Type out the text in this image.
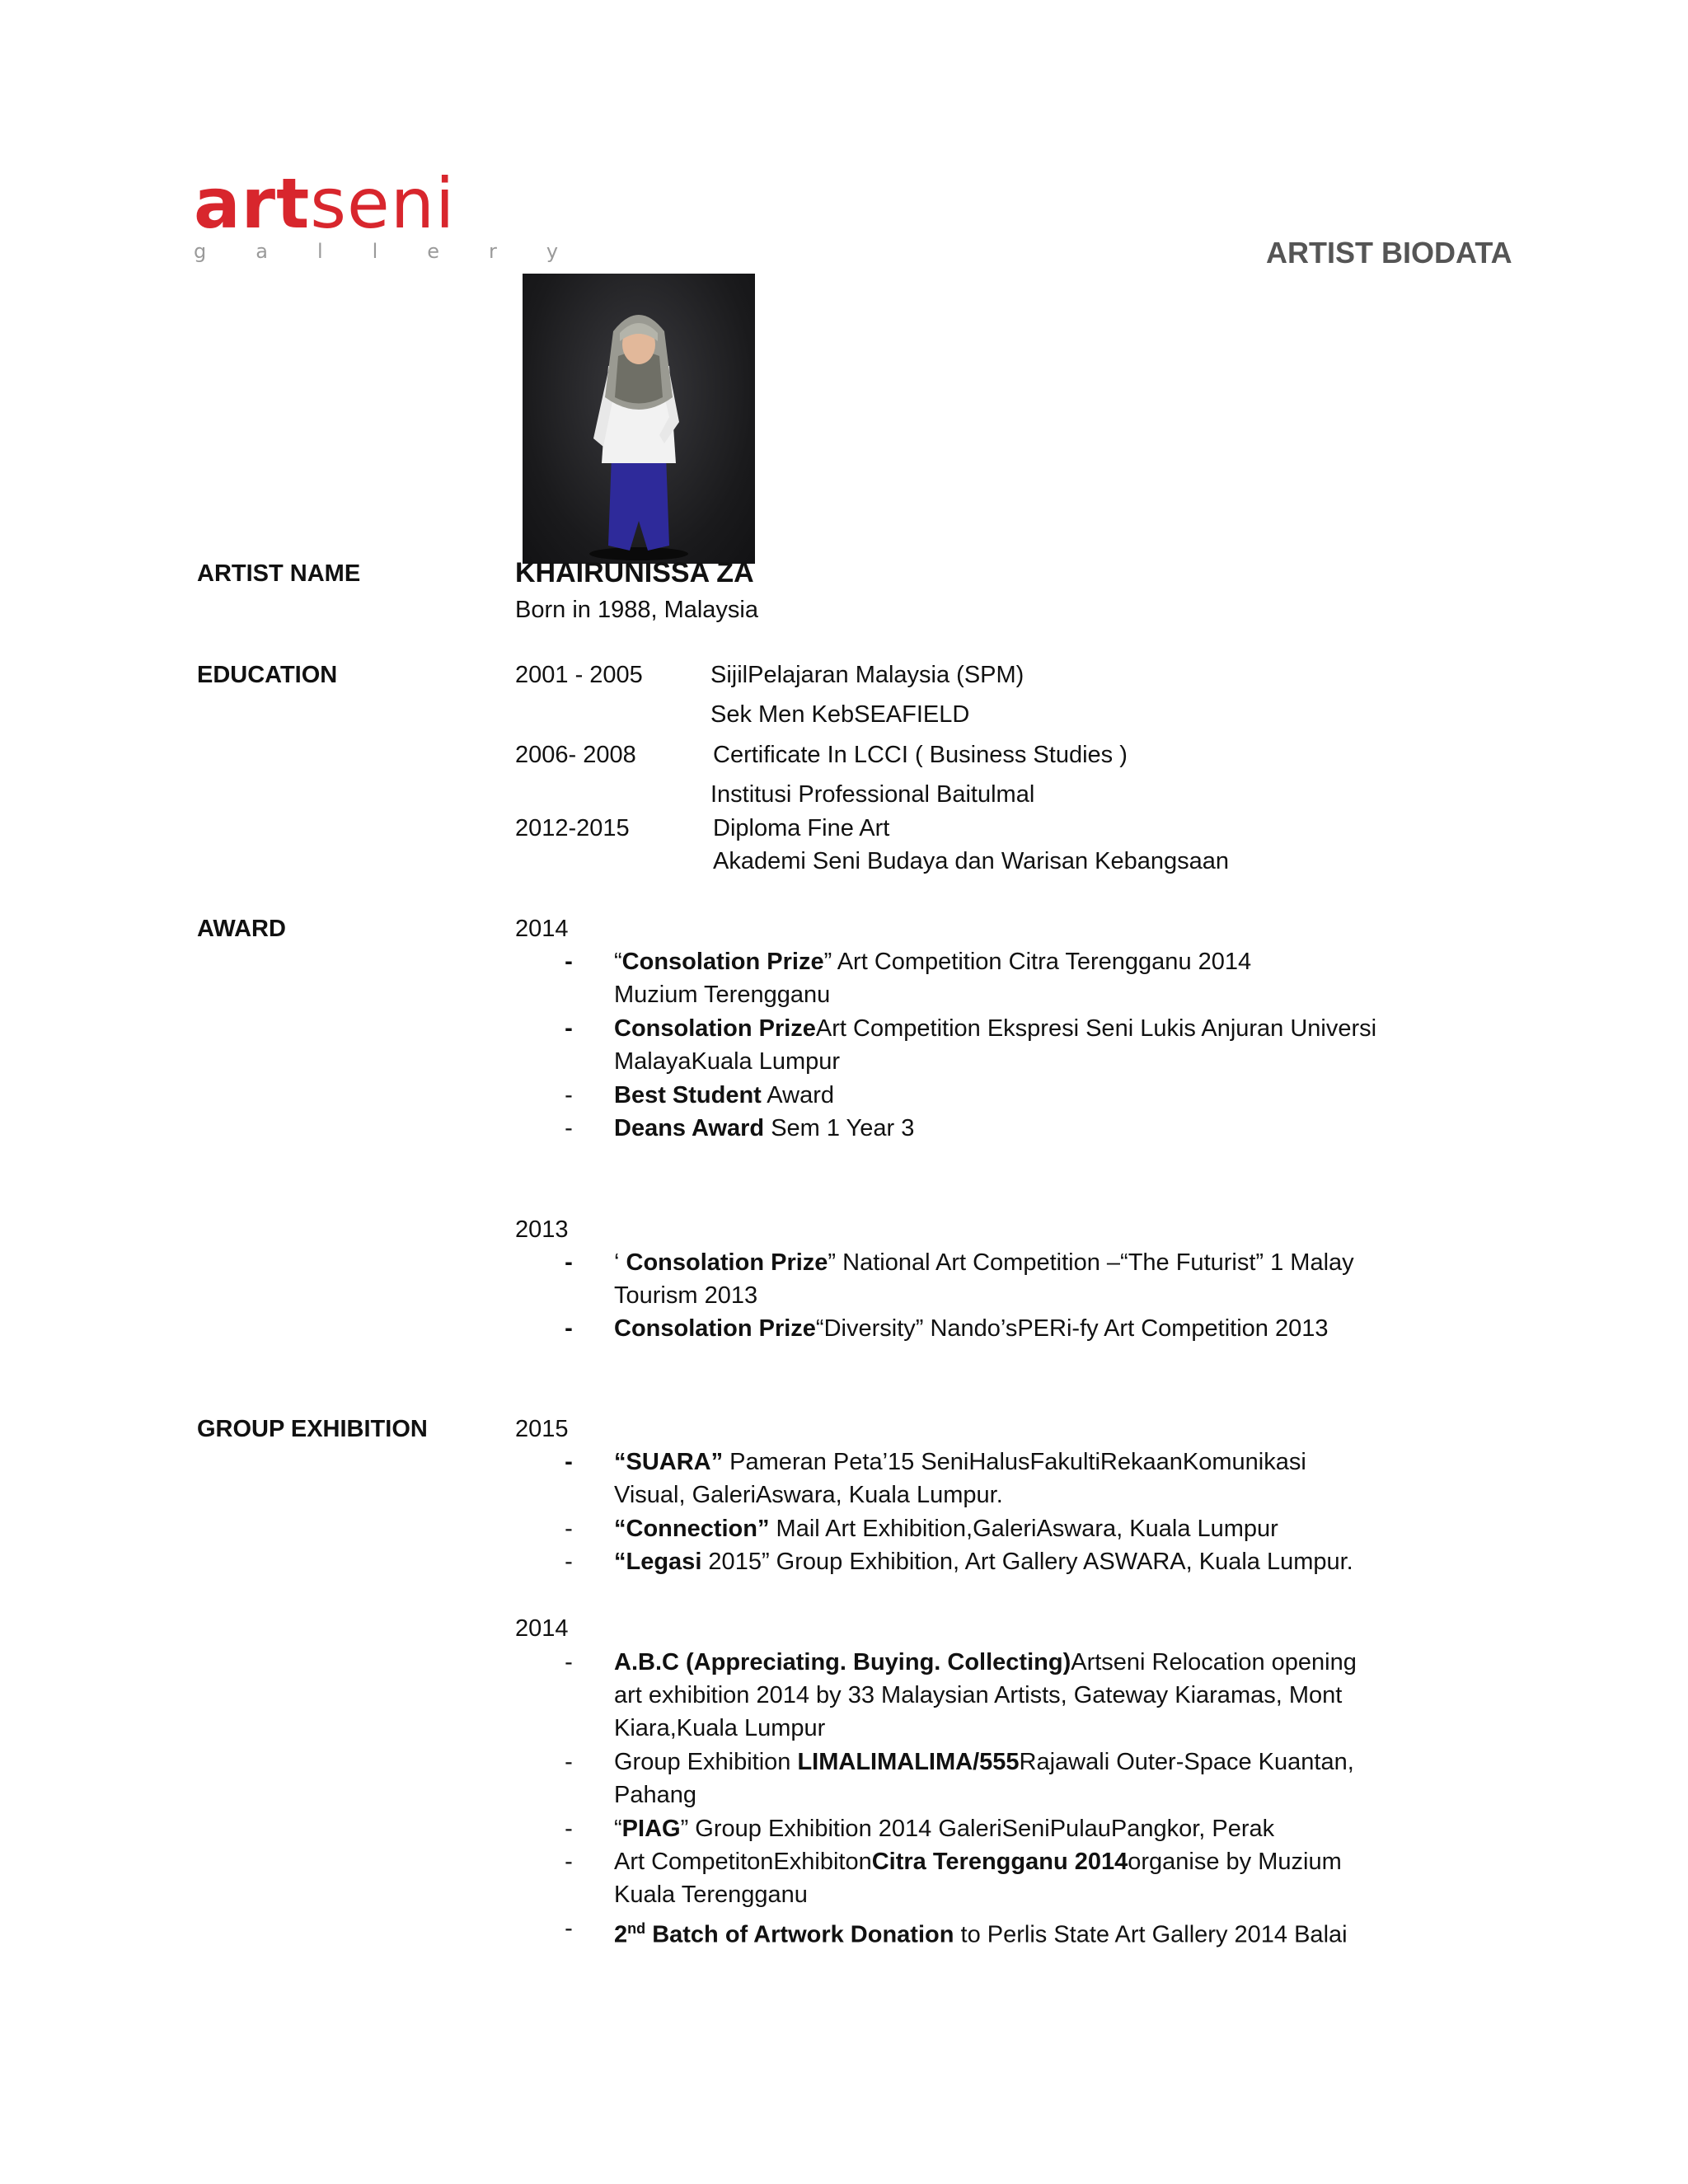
artseni
gallery	ARTIST BIODATA
ARTIST NAME	KHAIRUNISSA ZA
Born in 1988, Malaysia
EDUCATION	2001 - 2005	SijilPelajaran Malaysia (SPM)
Sek Men KebSEAFIELD
2006- 2008	Certificate In LCCI ( Business Studies )
Institusi Professional Baitulmal
2012-2015	Diploma Fine Art
Akademi Seni Budaya dan Warisan Kebangsaan
AWARD	2014
-	“Consolation Prize” Art Competition Citra Terengganu 2014
Muzium Terengganu
-	Consolation PrizeArt Competition Ekspresi Seni Lukis Anjuran Universi
MalayaKuala Lumpur
-	Best Student Award
-	Deans Award Sem 1 Year 3
2013
-	‘ Consolation Prize” National Art Competition –“The Futurist” 1 Malay
Tourism 2013
-	Consolation Prize“Diversity” Nando’sPERi-fy Art Competition 2013
GROUP EXHIBITION	2015
-	“SUARA” Pameran Peta’15 SeniHalusFakultiRekaanKomunikasi
Visual, GaleriAswara, Kuala Lumpur.
-	“Connection” Mail Art Exhibition,GaleriAswara, Kuala Lumpur
-	“Legasi 2015” Group Exhibition, Art Gallery ASWARA, Kuala Lumpur.
2014
-	A.B.C (Appreciating. Buying. Collecting)Artseni Relocation opening
art exhibition 2014 by 33 Malaysian Artists, Gateway Kiaramas, Mont
Kiara,Kuala Lumpur
-	Group Exhibition LIMALIMALIMA/555Rajawali Outer-Space Kuantan,
Pahang
-	“PIAG” Group Exhibition 2014 GaleriSeniPulauPangkor, Perak
-	Art CompetitonExhibitonCitra Terengganu 2014organise by Muzium
Kuala Terengganu
-	2nd Batch of Artwork Donation to Perlis State Art Gallery 2014 Balai
